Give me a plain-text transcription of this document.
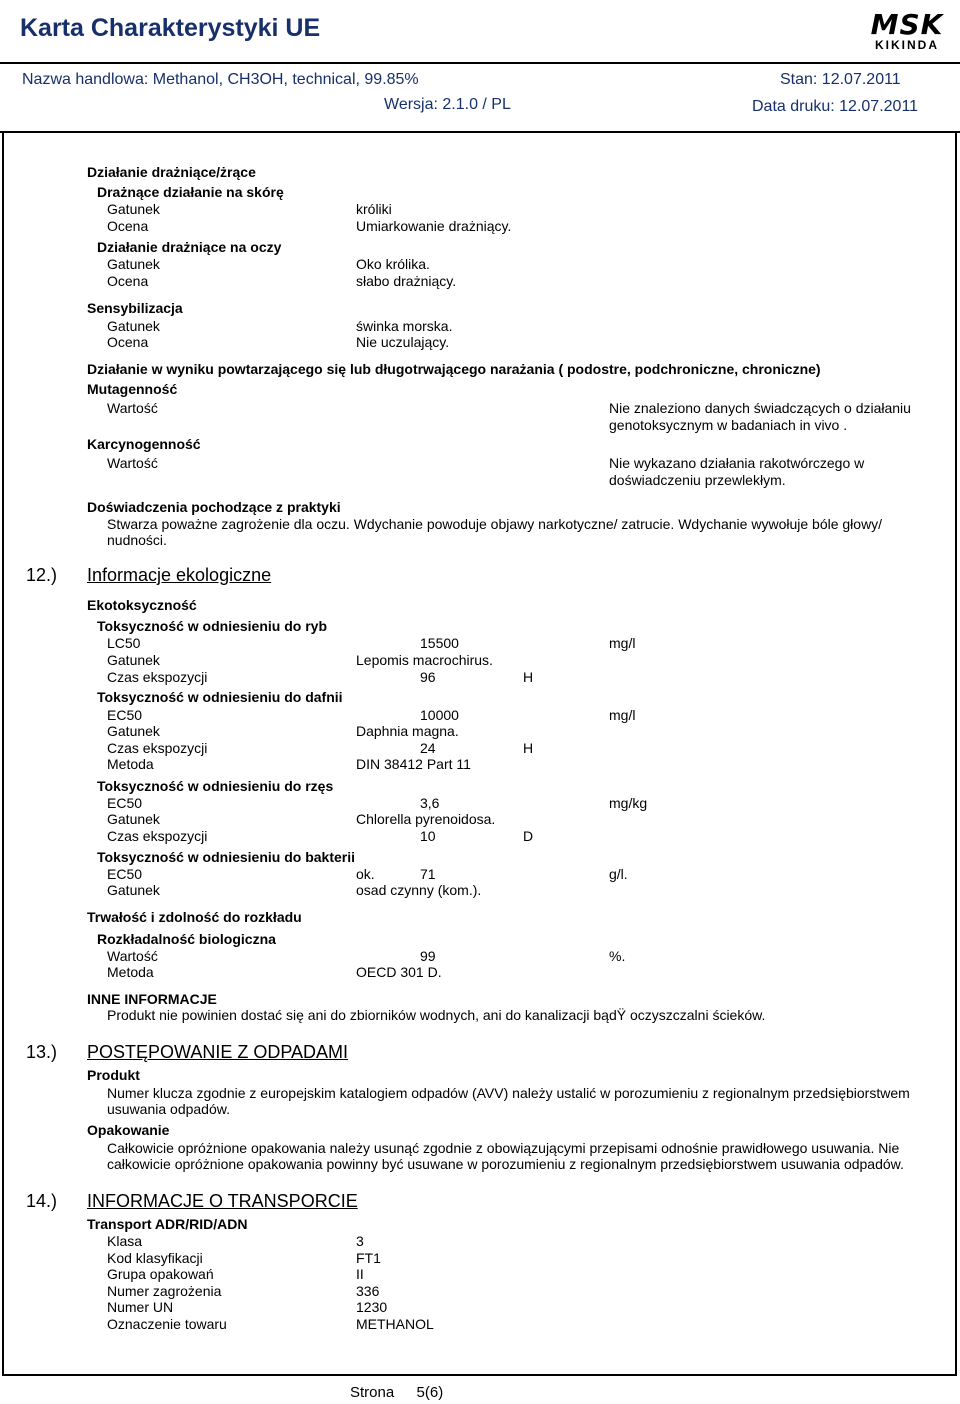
Karta Charakterystyki UE	MSK
KIKINDA
Nazwa handlowa: Methanol, CH3OH, technical, 99.85%	Stan: 12.07.2011
Wersja: 2.1.0 / PL	Data druku: 12.07.2011
Działanie drażniące/żrące
Drażnące działanie na skórę
Gatunek	króliki
Ocena	Umiarkowanie drażniący.
Działanie drażniące na oczy
Gatunek	Oko królika.
Ocena	słabo drażniący.
Sensybilizacja
Gatunek	świnka morska.
Ocena	Nie uczulający.
Działanie w wyniku powtarzającego się lub długotrwającego narażania ( podostre, podchroniczne, chroniczne)
Mutagenność
Wartość	Nie znaleziono danych świadczących o działaniu
genotoksycznym w badaniach in vivo .
Karcynogenność
Wartość	Nie wykazano działania rakotwórczego w
doświadczeniu przewlekłym.
Doświadczenia pochodzące z praktyki
Stwarza poważne zagrożenie dla oczu. Wdychanie powoduje objawy narkotyczne/ zatrucie. Wdychanie wywołuje bóle głowy/
nudności.
12.) Informacje ekologiczne
Ekotoksyczność
Toksyczność w odniesieniu do ryb
LC50	15500	mg/l
Gatunek	Lepomis macrochirus.
Czas ekspozycji	96	H
Toksyczność w odniesieniu do dafnii
EC50	10000	mg/l
Gatunek	Daphnia magna.
Czas ekspozycji	24	H
Metoda	DIN 38412 Part 11
Toksyczność w odniesieniu do rzęs
EC50	3,6	mg/kg
Gatunek	Chlorella pyrenoidosa.
Czas ekspozycji	10	D
Toksyczność w odniesieniu do bakterii
EC50	ok.	71	g/l.
Gatunek	osad czynny (kom.).
Trwałość i zdolność do rozkładu
Rozkładalność biologiczna
Wartość	99	%.
Metoda	OECD 301 D.
INNE INFORMACJE
Produkt nie powinien dostać się ani do zbiorników wodnych, ani do kanalizacji bądŸ oczyszczalni ścieków.
13.) POSTĘPOWANIE Z ODPADAMI
Produkt
Numer klucza zgodnie z europejskim katalogiem odpadów (AVV) należy ustalić w porozumieniu z regionalnym przedsiębiorstwem
usuwania odpadów.
Opakowanie
Całkowicie opróżnione opakowania należy usunąć zgodnie z obowiązującymi przepisami odnośnie prawidłowego usuwania. Nie
całkowicie opróżnione opakowania powinny być usuwane w porozumieniu z regionalnym przedsiębiorstwem usuwania odpadów.
14.) INFORMACJE O TRANSPORCIE
Transport ADR/RID/ADN
Klasa	3
Kod klasyfikacji	FT1
Grupa opakowań	II
Numer zagrożenia	336
Numer UN	1230
Oznaczenie towaru	METHANOL
Strona 5(6)
